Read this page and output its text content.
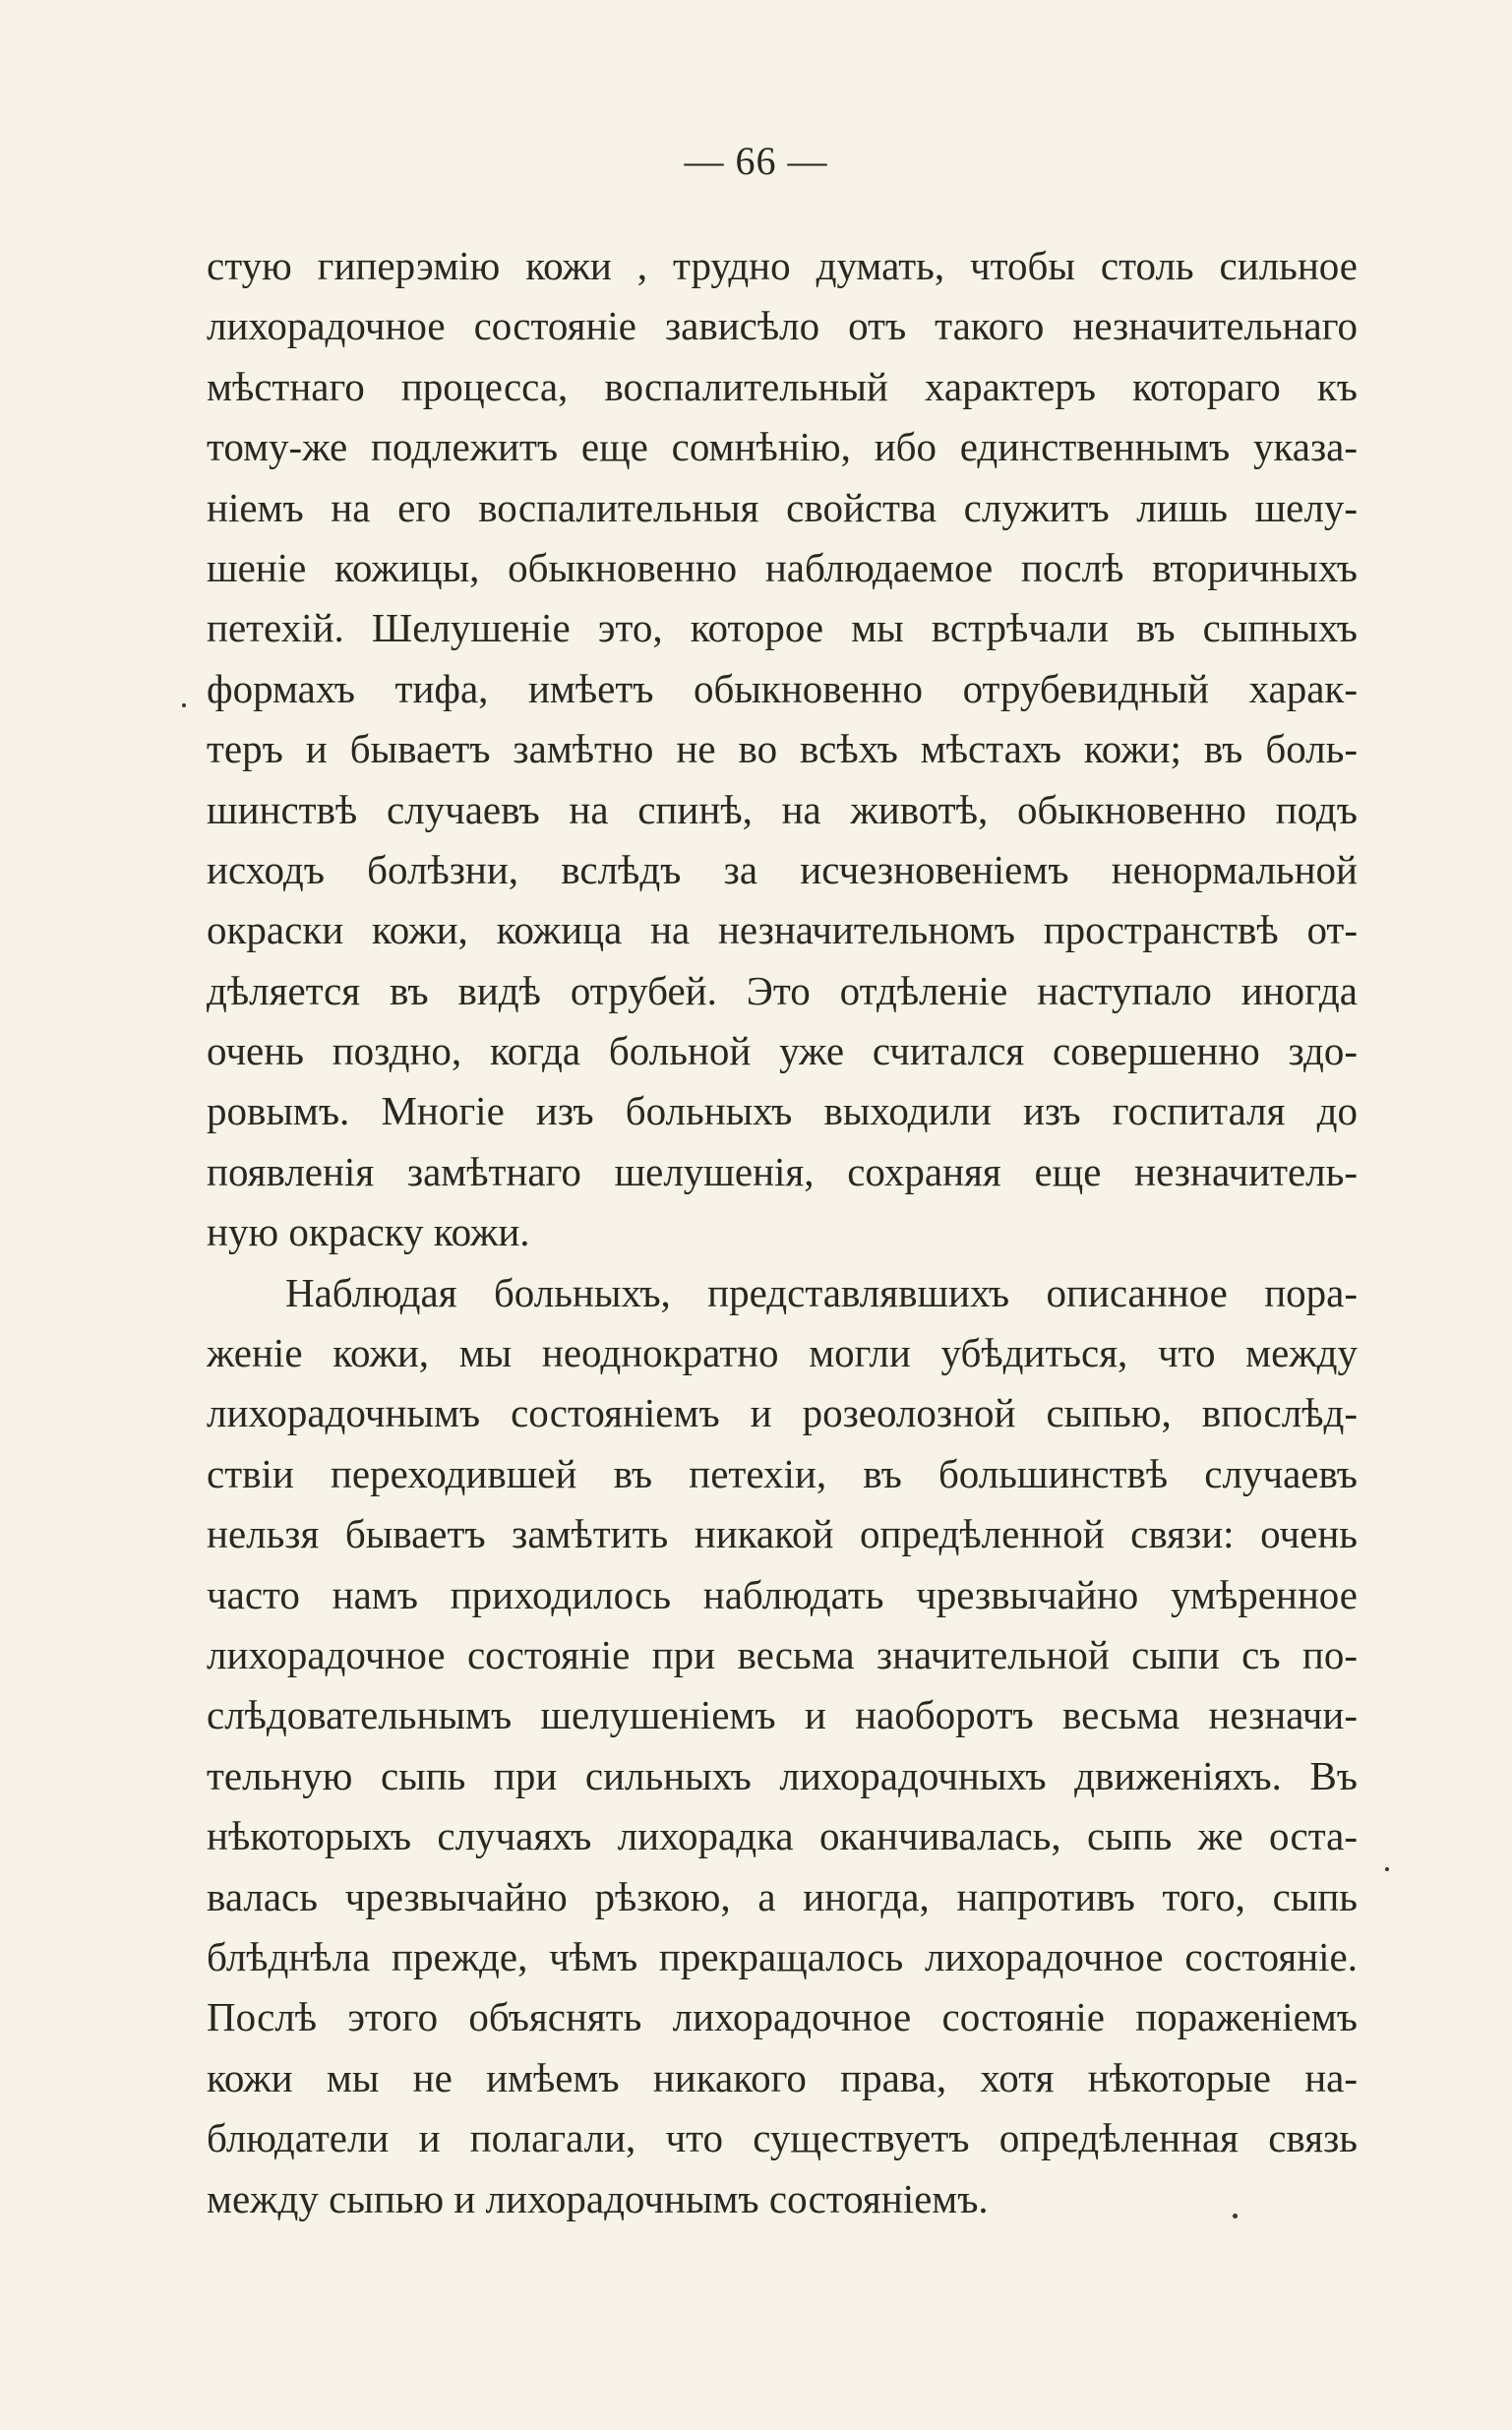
— 66 —
стую гиперэмію кожи , трудно думать, чтобы столь сильное
лихорадочное состояніе зависѣло отъ такого незначительнаго
мѣстнаго процесса, воспалительный характеръ котораго къ
тому-же подлежитъ еще сомнѣнію, ибо единственнымъ указа-
ніемъ на его воспалительныя свойства служитъ лишь шелу-
шеніе кожицы, обыкновенно наблюдаемое послѣ вторичныхъ
петехій. Шелушеніе это, которое мы встрѣчали въ сыпныхъ
формахъ тифа, имѣетъ обыкновенно отрубевидный харак-
теръ и бываетъ замѣтно не во всѣхъ мѣстахъ кожи; въ боль-
шинствѣ случаевъ на спинѣ, на животѣ, обыкновенно подъ
исходъ болѣзни, вслѣдъ за исчезновеніемъ ненормальной
окраски кожи, кожица на незначительномъ пространствѣ от-
дѣляется въ видѣ отрубей. Это отдѣленіе наступало иногда
очень поздно, когда больной уже считался совершенно здо-
ровымъ. Многіе изъ больныхъ выходили изъ госпиталя до
появленія замѣтнаго шелушенія, сохраняя еще незначитель-
ную окраску кожи.
Наблюдая больныхъ, представлявшихъ описанное пора-
женіе кожи, мы неоднократно могли убѣдиться, что между
лихорадочнымъ состояніемъ и розеолозной сыпью, впослѣд-
ствіи переходившей въ петехіи, въ большинствѣ случаевъ
нельзя бываетъ замѣтить никакой опредѣленной связи: очень
часто намъ приходилось наблюдать чрезвычайно умѣренное
лихорадочное состояніе при весьма значительной сыпи съ по-
слѣдовательнымъ шелушеніемъ и наоборотъ весьма незначи-
тельную сыпь при сильныхъ лихорадочныхъ движеніяхъ. Въ
нѣкоторыхъ случаяхъ лихорадка оканчивалась, сыпь же оста-
валась чрезвычайно рѣзкою, а иногда, напротивъ того, сыпь
блѣднѣла прежде, чѣмъ прекращалось лихорадочное состояніе.
Послѣ этого объяснять лихорадочное состояніе пораженіемъ
кожи мы не имѣемъ никакого права, хотя нѣкоторые на-
блюдатели и полагали, что существуетъ опредѣленная связь
между сыпью и лихорадочнымъ состояніемъ.
